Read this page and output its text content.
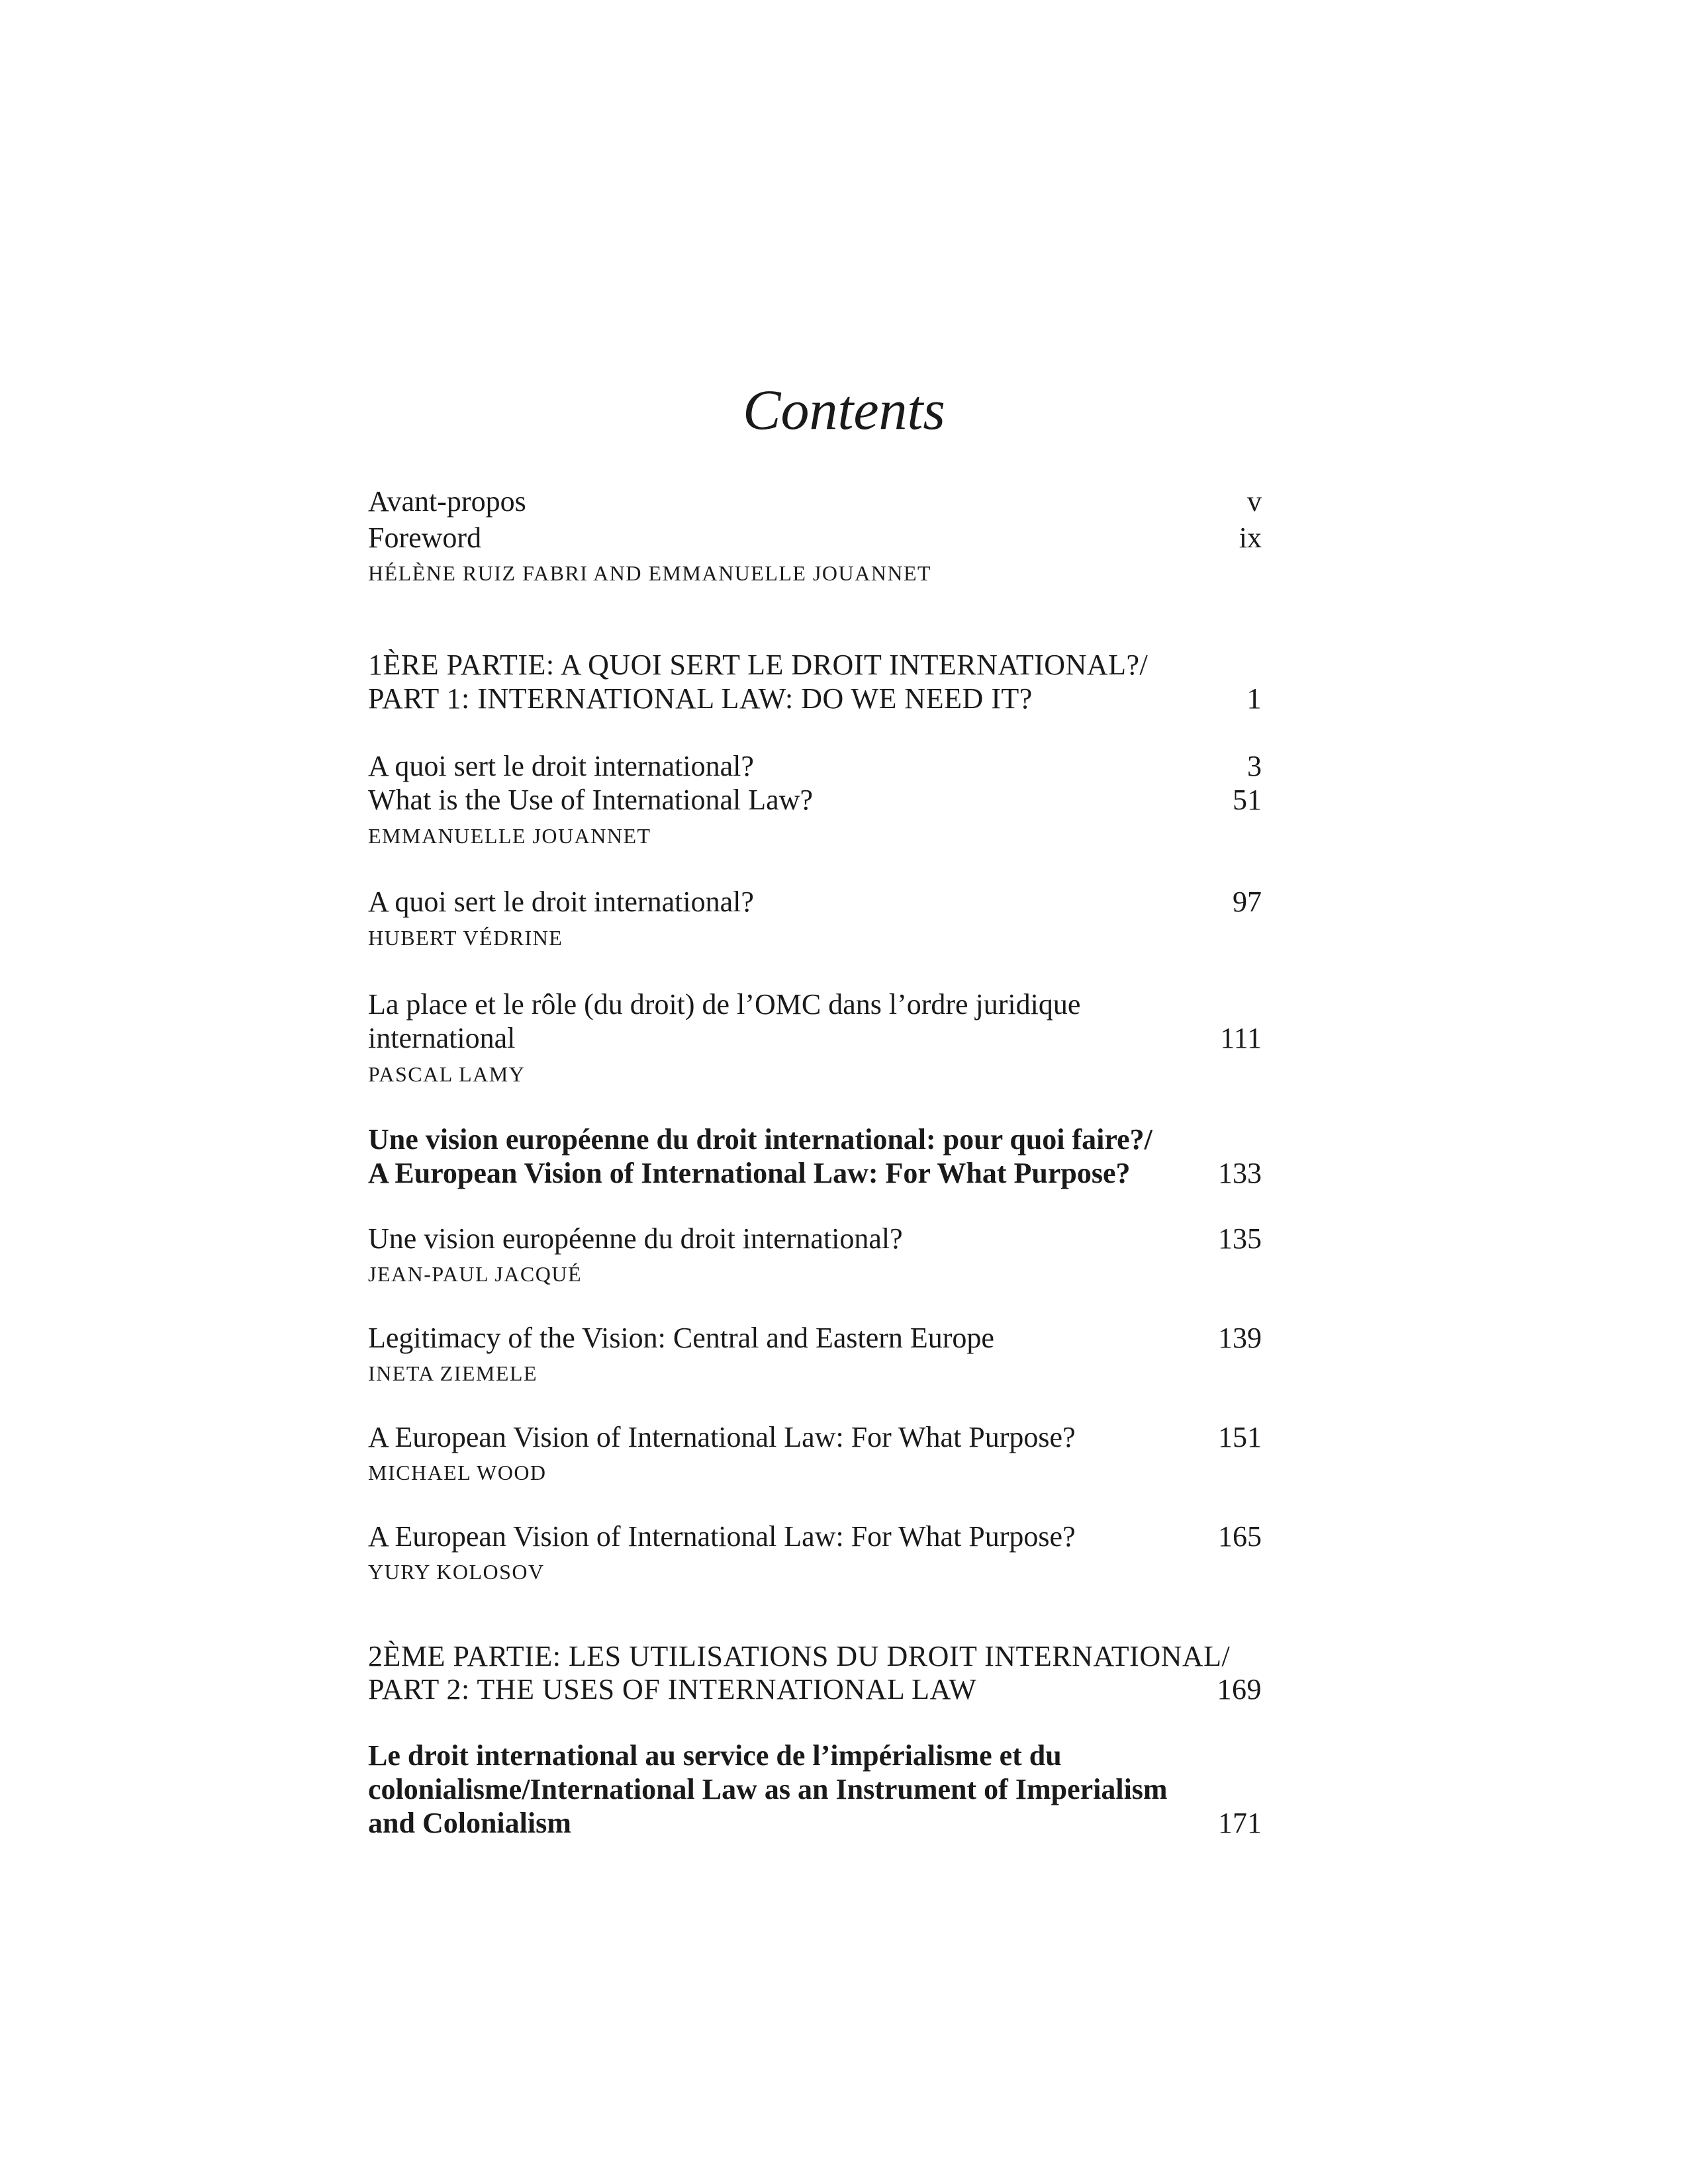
Contents
Avant-propos	v
Foreword	ix
HÉLÈNE RUIZ FABRI AND EMMANUELLE JOUANNET
1ÈRE PARTIE: A QUOI SERT LE DROIT INTERNATIONAL?/
PART 1: INTERNATIONAL LAW: DO WE NEED IT?	1
A quoi sert le droit international?	3
What is the Use of International Law?	51
EMMANUELLE JOUANNET
A quoi sert le droit international?	97
HUBERT VÉDRINE
La place et le rôle (du droit) de l’OMC dans l’ordre juridique
international	111
PASCAL LAMY
Une vision européenne du droit international: pour quoi faire?/
A European Vision of International Law: For What Purpose?	133
Une vision européenne du droit international?	135
JEAN-PAUL JACQUÉ
Legitimacy of the Vision: Central and Eastern Europe	139
INETA ZIEMELE
A European Vision of International Law: For What Purpose?	151
MICHAEL WOOD
A European Vision of International Law: For What Purpose?	165
YURY KOLOSOV
2ÈME PARTIE: LES UTILISATIONS DU DROIT INTERNATIONAL/
PART 2: THE USES OF INTERNATIONAL LAW	169
Le droit international au service de l’impérialisme et du
colonialisme/International Law as an Instrument of Imperialism
and Colonialism	171
